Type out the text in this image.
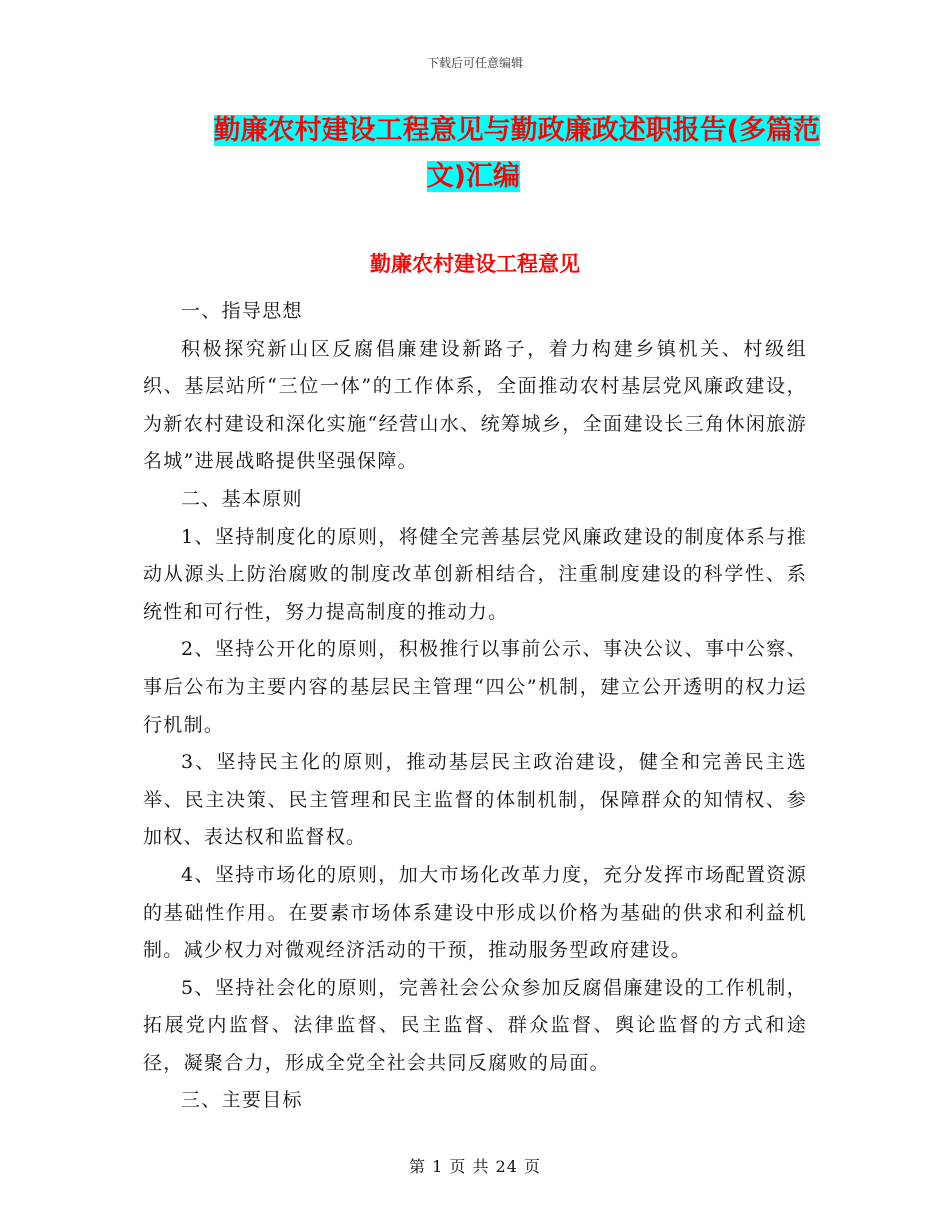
下载后可任意编辑
勤廉农村建设工程意见与勤政廉政述职报告(多篇范
文)汇编
勤廉农村建设工程意见

一、指导思想

积极探究新山区反腐倡廉建设新路子，着力构建乡镇机关、村级组织、基层站所“三位一体”的工作体系，全面推动农村基层党风廉政建设，为新农村建设和深化实施“经营山水、统筹城乡，全面建设长三角休闲旅游名城”进展战略提供坚强保障。

二、基本原则

1、坚持制度化的原则，将健全完善基层党风廉政建设的制度体系与推动从源头上防治腐败的制度改革创新相结合，注重制度建设的科学性、系统性和可行性，努力提高制度的推动力。

2、坚持公开化的原则，积极推行以事前公示、事决公议、事中公察、事后公布为主要内容的基层民主管理“四公”机制，建立公开透明的权力运行机制。

3、坚持民主化的原则，推动基层民主政治建设，健全和完善民主选举、民主决策、民主管理和民主监督的体制机制，保障群众的知情权、参加权、表达权和监督权。

4、坚持市场化的原则，加大市场化改革力度，充分发挥市场配置资源的基础性作用。在要素市场体系建设中形成以价格为基础的供求和利益机制。减少权力对微观经济活动的干预，推动服务型政府建设。

5、坚持社会化的原则，完善社会公众参加反腐倡廉建设的工作机制，拓展党内监督、法律监督、民主监督、群众监督、舆论监督的方式和途径，凝聚合力，形成全党全社会共同反腐败的局面。

三、主要目标

第 1 页 共 24 页
